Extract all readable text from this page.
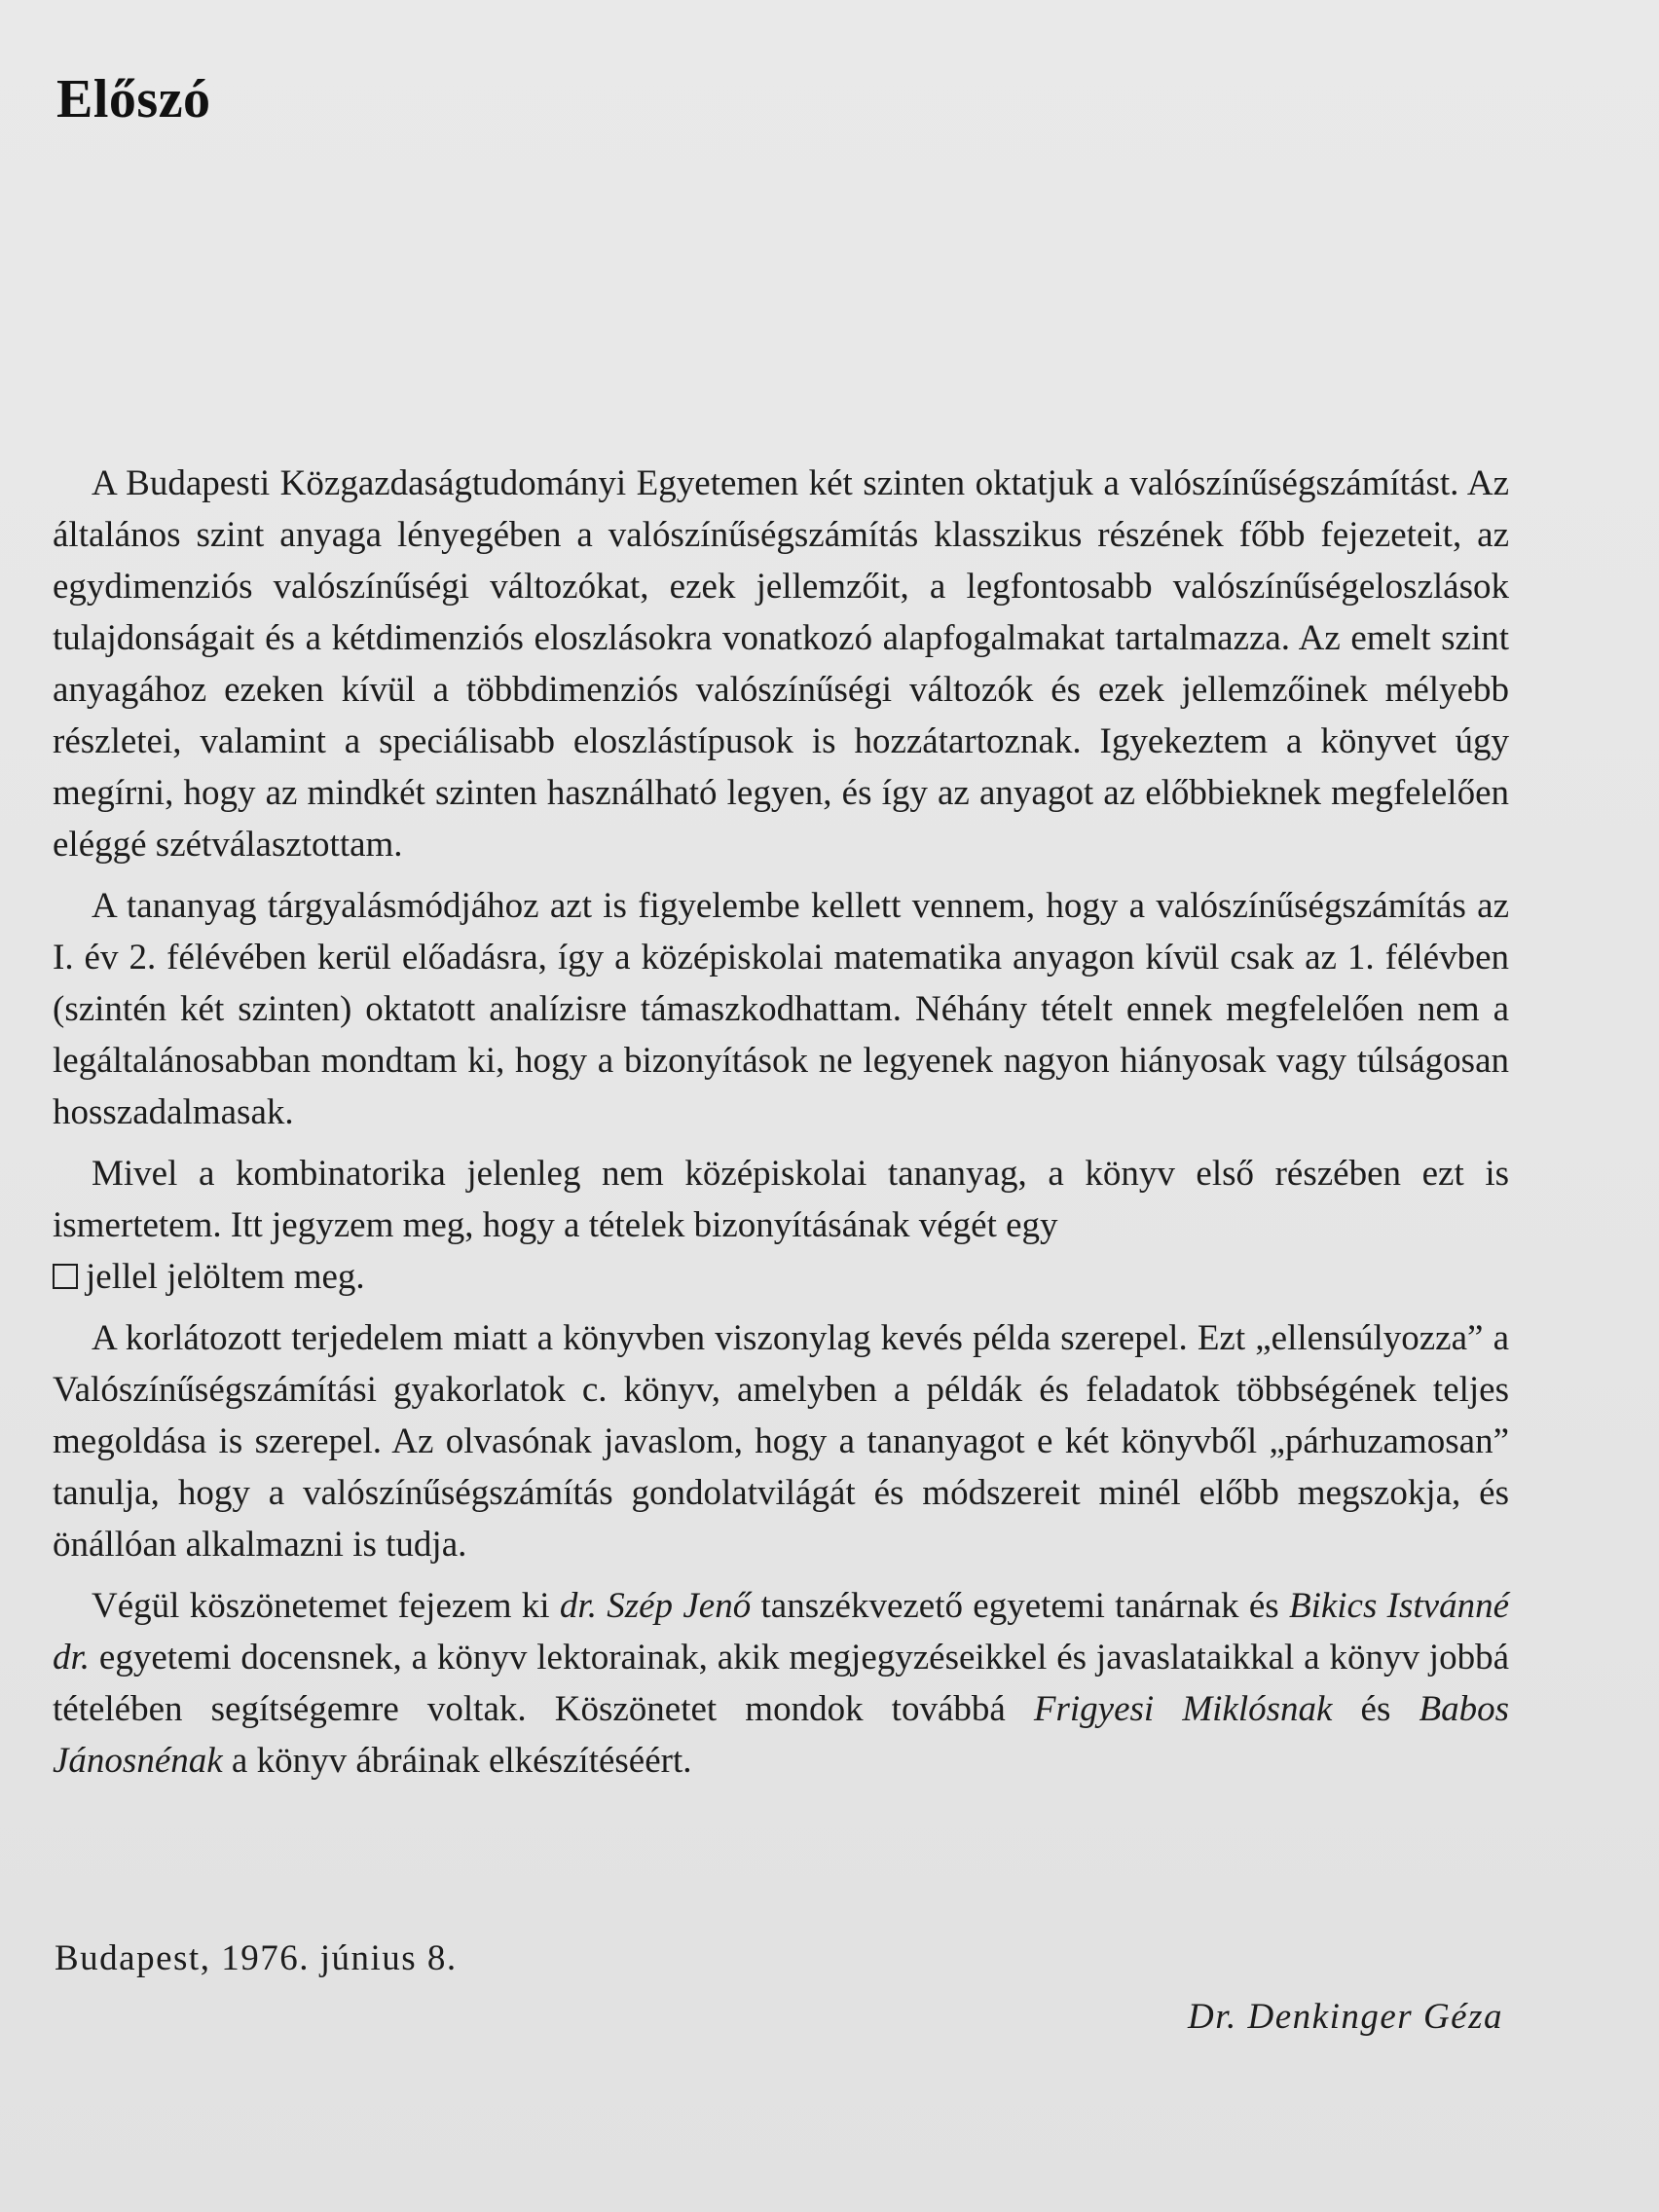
Előszó

A Budapesti Közgazdaságtudományi Egyetemen két szinten oktatjuk a valószínűségszámítást. Az általános szint anyaga lényegében a valószínűségszámítás klasszikus részének főbb fejezeteit, az egydimenziós valószínűségi változókat, ezek jellemzőit, a legfontosabb valószínűségeloszlások tulajdonságait és a kétdimenziós eloszlásokra vonatkozó alapfogalmakat tartalmazza. Az emelt szint anyagához ezeken kívül a többdimenziós valószínűségi változók és ezek jellemzőinek mélyebb részletei, valamint a speciálisabb eloszlástípusok is hozzátartoznak. Igyekeztem a könyvet úgy megírni, hogy az mindkét szinten használható legyen, és így az anyagot az előbbieknek megfelelően eléggé szétválasztottam.

A tananyag tárgyalásmódjához azt is figyelembe kellett vennem, hogy a valószínűségszámítás az I. év 2. félévében kerül előadásra, így a középiskolai matematika anyagon kívül csak az 1. félévben (szintén két szinten) oktatott analízisre támaszkodhattam. Néhány tételt ennek megfelelően nem a legáltalánosabban mondtam ki, hogy a bizonyítások ne legyenek nagyon hiányosak vagy túlságosan hosszadalmasak.

Mivel a kombinatorika jelenleg nem középiskolai tananyag, a könyv első részében ezt is ismertetem. Itt jegyzem meg, hogy a tételek bizonyításának végét egy
jellel jelöltem meg.

A korlátozott terjedelem miatt a könyvben viszonylag kevés példa szerepel. Ezt „ellensúlyozza” a Valószínűségszámítási gyakorlatok c. könyv, amelyben a példák és feladatok többségének teljes megoldása is szerepel. Az olvasónak javaslom, hogy a tananyagot e két könyvből „párhuzamosan” tanulja, hogy a valószínűségszámítás gondolatvilágát és módszereit minél előbb megszokja, és önállóan alkalmazni is tudja.

Végül köszönetemet fejezem ki dr. Szép Jenő tanszékvezető egyetemi tanárnak és Bikics Istvánné dr. egyetemi docensnek, a könyv lektorainak, akik megjegyzéseikkel és javaslataikkal a könyv jobbá tételében segítségemre voltak. Köszönetet mondok továbbá Frigyesi Miklósnak és Babos Jánosnénak a könyv ábráinak elkészítéséért.

Budapest, 1976. június 8.

Dr. Denkinger Géza
